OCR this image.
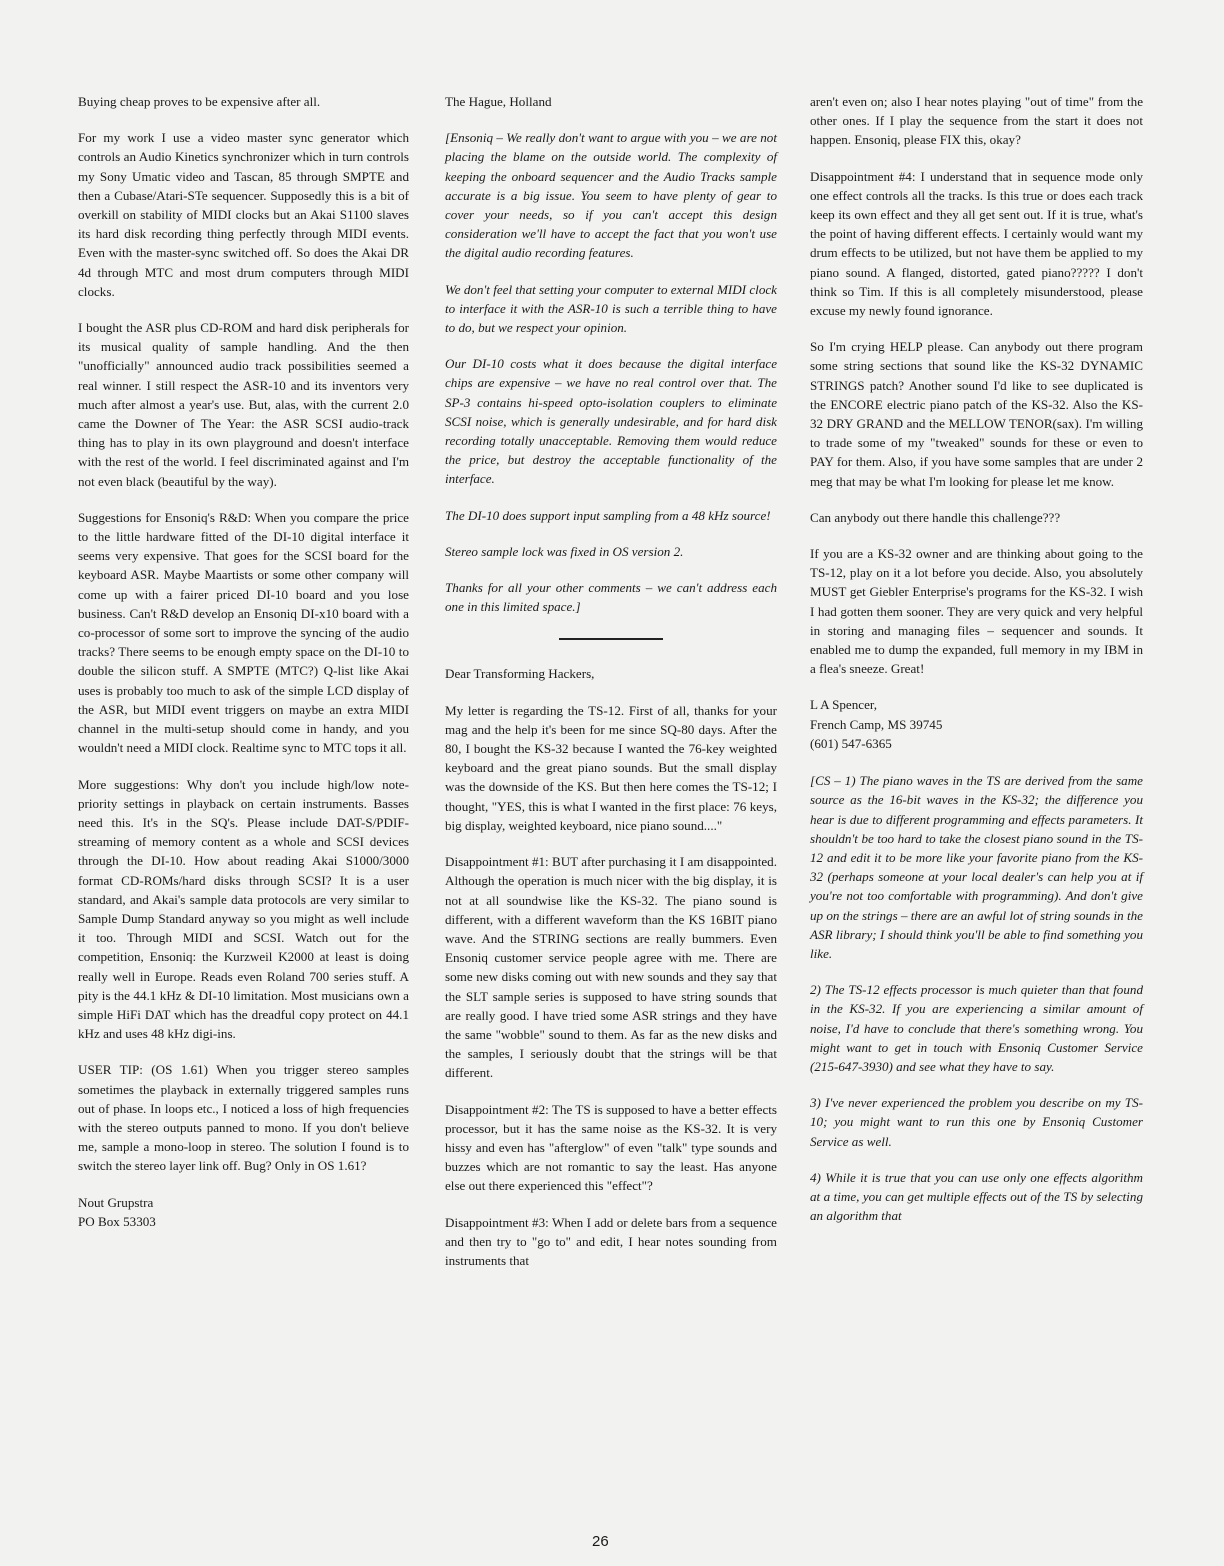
Buying cheap proves to be expensive after all.

For my work I use a video master sync generator which controls an Audio Kinetics synchronizer which in turn controls my Sony Umatic video and Tascan, 85 through SMPTE and then a Cubase/Atari-STe sequencer. Supposedly this is a bit of overkill on stability of MIDI clocks but an Akai S1100 slaves its hard disk recording thing perfectly through MIDI events. Even with the master-sync switched off. So does the Akai DR 4d through MTC and most drum computers through MIDI clocks.

I bought the ASR plus CD-ROM and hard disk peripherals for its musical quality of sample handling. And the then "unofficially" announced audio track possibilities seemed a real winner. I still respect the ASR-10 and its inventors very much after almost a year's use. But, alas, with the current 2.0 came the Downer of The Year: the ASR SCSI audio-track thing has to play in its own playground and doesn't interface with the rest of the world. I feel discriminated against and I'm not even black (beautiful by the way).

Suggestions for Ensoniq's R&D: When you compare the price to the little hardware fitted of the DI-10 digital interface it seems very expensive. That goes for the SCSI board for the keyboard ASR. Maybe Maartists or some other company will come up with a fairer priced DI-10 board and you lose business. Can't R&D develop an Ensoniq DI-x10 board with a co-processor of some sort to improve the syncing of the audio tracks? There seems to be enough empty space on the DI-10 to double the silicon stuff. A SMPTE (MTC?) Q-list like Akai uses is probably too much to ask of the simple LCD display of the ASR, but MIDI event triggers on maybe an extra MIDI channel in the multi-setup should come in handy, and you wouldn't need a MIDI clock. Realtime sync to MTC tops it all.

More suggestions: Why don't you include high/low note-priority settings in playback on certain instruments. Basses need this. It's in the SQ's. Please include DAT-S/PDIF-streaming of memory content as a whole and SCSI devices through the DI-10. How about reading Akai S1000/3000 format CD-ROMs/hard disks through SCSI? It is a user standard, and Akai's sample data protocols are very similar to Sample Dump Standard anyway so you might as well include it too. Through MIDI and SCSI. Watch out for the competition, Ensoniq: the Kurzweil K2000 at least is doing really well in Europe. Reads even Roland 700 series stuff. A pity is the 44.1 kHz & DI-10 limitation. Most musicians own a simple HiFi DAT which has the dreadful copy protect on 44.1 kHz and uses 48 kHz digi-ins.

USER TIP: (OS 1.61) When you trigger stereo samples sometimes the playback in externally triggered samples runs out of phase. In loops etc., I noticed a loss of high frequencies with the stereo outputs panned to mono. If you don't believe me, sample a mono-loop in stereo. The solution I found is to switch the stereo layer link off. Bug? Only in OS 1.61?

Nout Grupstra
PO Box 53303

The Hague, Holland

[Ensoniq – We really don't want to argue with you – we are not placing the blame on the outside world. The complexity of keeping the onboard sequencer and the Audio Tracks sample accurate is a big issue. You seem to have plenty of gear to cover your needs, so if you can't accept this design consideration we'll have to accept the fact that you won't use the digital audio recording features.

We don't feel that setting your computer to external MIDI clock to interface it with the ASR-10 is such a terrible thing to have to do, but we respect your opinion.

Our DI-10 costs what it does because the digital interface chips are expensive – we have no real control over that. The SP-3 contains hi-speed opto-isolation couplers to eliminate SCSI noise, which is generally undesirable, and for hard disk recording totally unacceptable. Removing them would reduce the price, but destroy the acceptable functionality of the interface.

The DI-10 does support input sampling from a 48 kHz source!

Stereo sample lock was fixed in OS version 2.

Thanks for all your other comments – we can't address each one in this limited space.]

Dear Transforming Hackers,

My letter is regarding the TS-12. First of all, thanks for your mag and the help it's been for me since SQ-80 days. After the 80, I bought the KS-32 because I wanted the 76-key weighted keyboard and the great piano sounds. But the small display was the downside of the KS. But then here comes the TS-12; I thought, "YES, this is what I wanted in the first place: 76 keys, big display, weighted keyboard, nice piano sound...."

Disappointment #1: BUT after purchasing it I am disappointed. Although the operation is much nicer with the big display, it is not at all soundwise like the KS-32. The piano sound is different, with a different waveform than the KS 16BIT piano wave. And the STRING sections are really bummers. Even Ensoniq customer service people agree with me. There are some new disks coming out with new sounds and they say that the SLT sample series is supposed to have string sounds that are really good. I have tried some ASR strings and they have the same "wobble" sound to them. As far as the new disks and the samples, I seriously doubt that the strings will be that different.

Disappointment #2: The TS is supposed to have a better effects processor, but it has the same noise as the KS-32. It is very hissy and even has "afterglow" of even "talk" type sounds and buzzes which are not romantic to say the least. Has anyone else out there experienced this "effect"?

Disappointment #3: When I add or delete bars from a sequence and then try to "go to" and edit, I hear notes sounding from instruments that

aren't even on; also I hear notes playing "out of time" from the other ones. If I play the sequence from the start it does not happen. Ensoniq, please FIX this, okay?

Disappointment #4: I understand that in sequence mode only one effect controls all the tracks. Is this true or does each track keep its own effect and they all get sent out. If it is true, what's the point of having different effects. I certainly would want my drum effects to be utilized, but not have them be applied to my piano sound. A flanged, distorted, gated piano????? I don't think so Tim. If this is all completely misunderstood, please excuse my newly found ignorance.

So I'm crying HELP please. Can anybody out there program some string sections that sound like the KS-32 DYNAMIC STRINGS patch? Another sound I'd like to see duplicated is the ENCORE electric piano patch of the KS-32. Also the KS-32 DRY GRAND and the MELLOW TENOR(sax). I'm willing to trade some of my "tweaked" sounds for these or even to PAY for them. Also, if you have some samples that are under 2 meg that may be what I'm looking for please let me know.

Can anybody out there handle this challenge???

If you are a KS-32 owner and are thinking about going to the TS-12, play on it a lot before you decide. Also, you absolutely MUST get Giebler Enterprise's programs for the KS-32. I wish I had gotten them sooner. They are very quick and very helpful in storing and managing files – sequencer and sounds. It enabled me to dump the expanded, full memory in my IBM in a flea's sneeze. Great!

L A Spencer,
French Camp, MS 39745
(601) 547-6365

[CS – 1) The piano waves in the TS are derived from the same source as the 16-bit waves in the KS-32; the difference you hear is due to different programming and effects parameters. It shouldn't be too hard to take the closest piano sound in the TS-12 and edit it to be more like your favorite piano from the KS-32 (perhaps someone at your local dealer's can help you at if you're not too comfortable with programming). And don't give up on the strings – there are an awful lot of string sounds in the ASR library; I should think you'll be able to find something you like.

2) The TS-12 effects processor is much quieter than that found in the KS-32. If you are experiencing a similar amount of noise, I'd have to conclude that there's something wrong. You might want to get in touch with Ensoniq Customer Service (215-647-3930) and see what they have to say.

3) I've never experienced the problem you describe on my TS-10; you might want to run this one by Ensoniq Customer Service as well.

4) While it is true that you can use only one effects algorithm at a time, you can get multiple effects out of the TS by selecting an algorithm that

26
